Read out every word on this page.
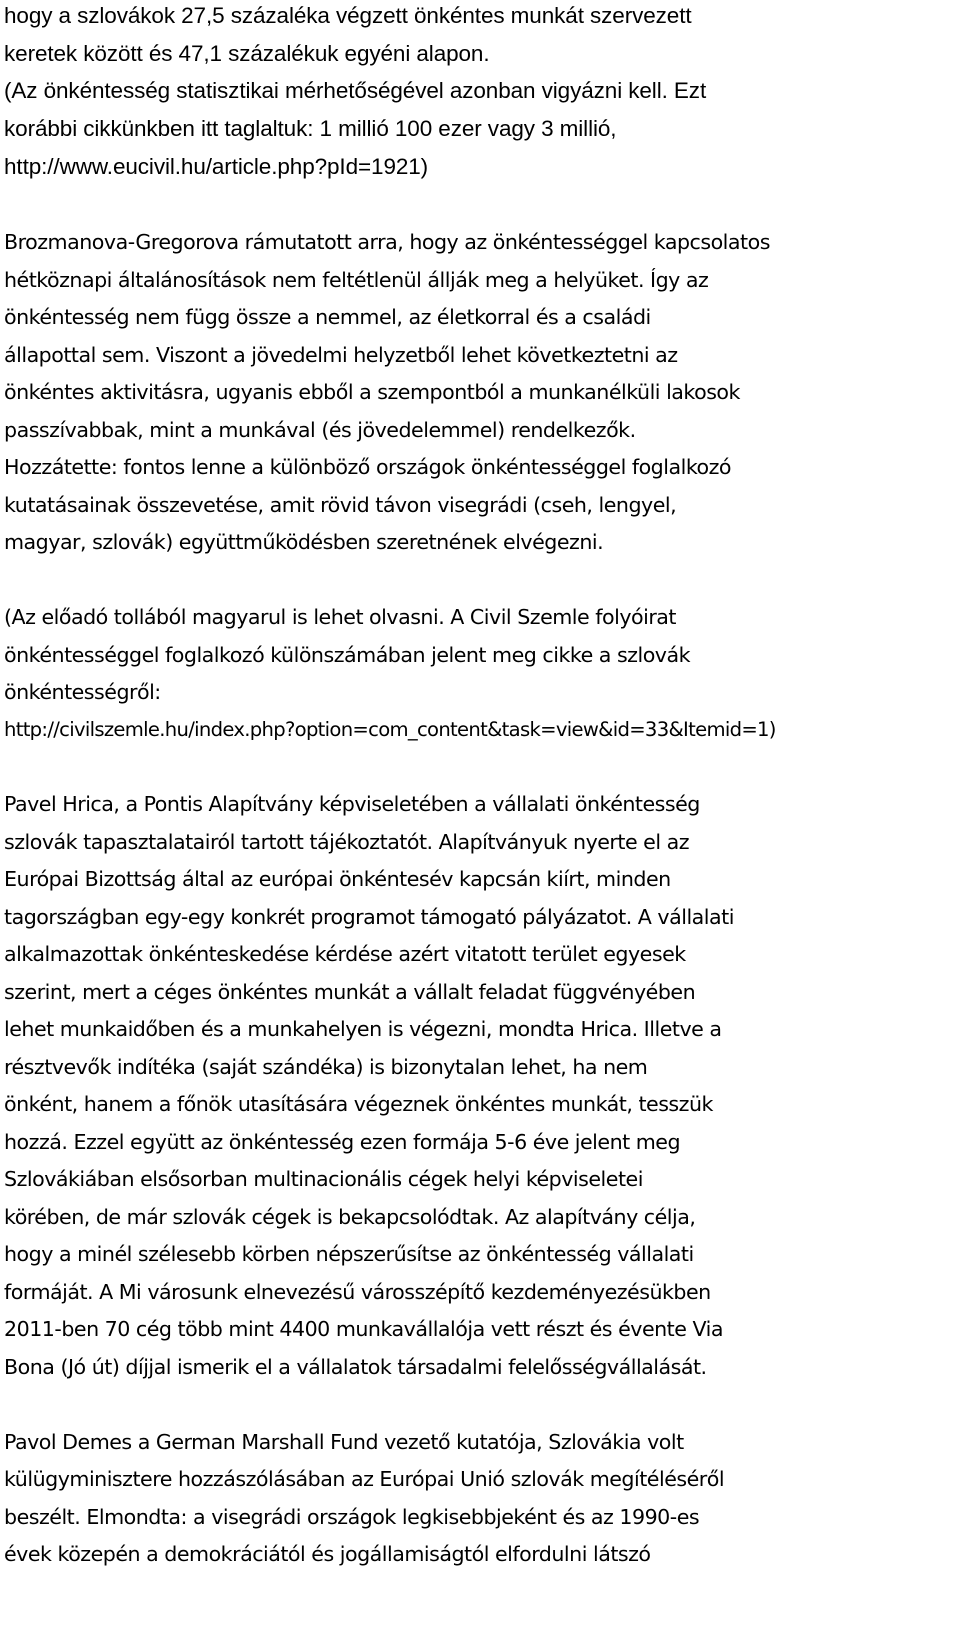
hogy a szlovákok 27,5 százaléka végzett önkéntes munkát szervezett
keretek között és 47,1 százalékuk egyéni alapon.
(Az önkéntesség statisztikai mérhetőségével azonban vigyázni kell. Ezt
korábbi cikkünkben itt taglaltuk: 1 millió 100 ezer vagy 3 millió,
http://www.eucivil.hu/article.php?pId=1921)
Brozmanova-Gregorova rámutatott arra, hogy az önkéntességgel kapcsolatos
hétköznapi általánosítások nem feltétlenül állják meg a helyüket. Így az
önkéntesség nem függ össze a nemmel, az életkorral és a családi
állapottal sem. Viszont a jövedelmi helyzetből lehet következtetni az
önkéntes aktivitásra, ugyanis ebből a szempontból a munkanélküli lakosok
passzívabbak, mint a munkával (és jövedelemmel) rendelkezők.
Hozzátette: fontos lenne a különböző országok önkéntességgel foglalkozó
kutatásainak összevetése, amit rövid távon visegrádi (cseh, lengyel,
magyar, szlovák) együttműködésben szeretnének elvégezni.
(Az előadó tollából magyarul is lehet olvasni. A Civil Szemle folyóirat
önkéntességgel foglalkozó különszámában jelent meg cikke a szlovák
önkéntességről:
http://civilszemle.hu/index.php?option=com_content&task=view&id=33&Itemid=1)
Pavel Hrica, a Pontis Alapítvány képviseletében a vállalati önkéntesség
szlovák tapasztalatairól tartott tájékoztatót. Alapítványuk nyerte el az
Európai Bizottság által az európai önkéntesév kapcsán kiírt, minden
tagországban egy-egy konkrét programot támogató pályázatot. A vállalati
alkalmazottak önkénteskedése kérdése azért vitatott terület egyesek
szerint, mert a céges önkéntes munkát a vállalt feladat függvényében
lehet munkaidőben és a munkahelyen is végezni, mondta Hrica. Illetve a
résztvevők indítéka (saját szándéka) is bizonytalan lehet, ha nem
önként, hanem a főnök utasítására végeznek önkéntes munkát, tesszük
hozzá. Ezzel együtt az önkéntesség ezen formája 5-6 éve jelent meg
Szlovákiában elsősorban multinacionális cégek helyi képviseletei
körében, de már szlovák cégek is bekapcsolódtak. Az alapítvány célja,
hogy a minél szélesebb körben népszerűsítse az önkéntesség vállalati
formáját. A Mi városunk elnevezésű városszépítő kezdeményezésükben
2011-ben 70 cég több mint 4400 munkavállalója vett részt és évente Via
Bona (Jó út) díjjal ismerik el a vállalatok társadalmi felelősségvállalását.
Pavol Demes a German Marshall Fund vezető kutatója, Szlovákia volt
külügyminisztere hozzászólásában az Európai Unió szlovák megítéléséről
beszélt. Elmondta: a visegrádi országok legkisebbjeként és az 1990-es
évek közepén a demokráciától és jogállamiságtól elfordulni látszó
